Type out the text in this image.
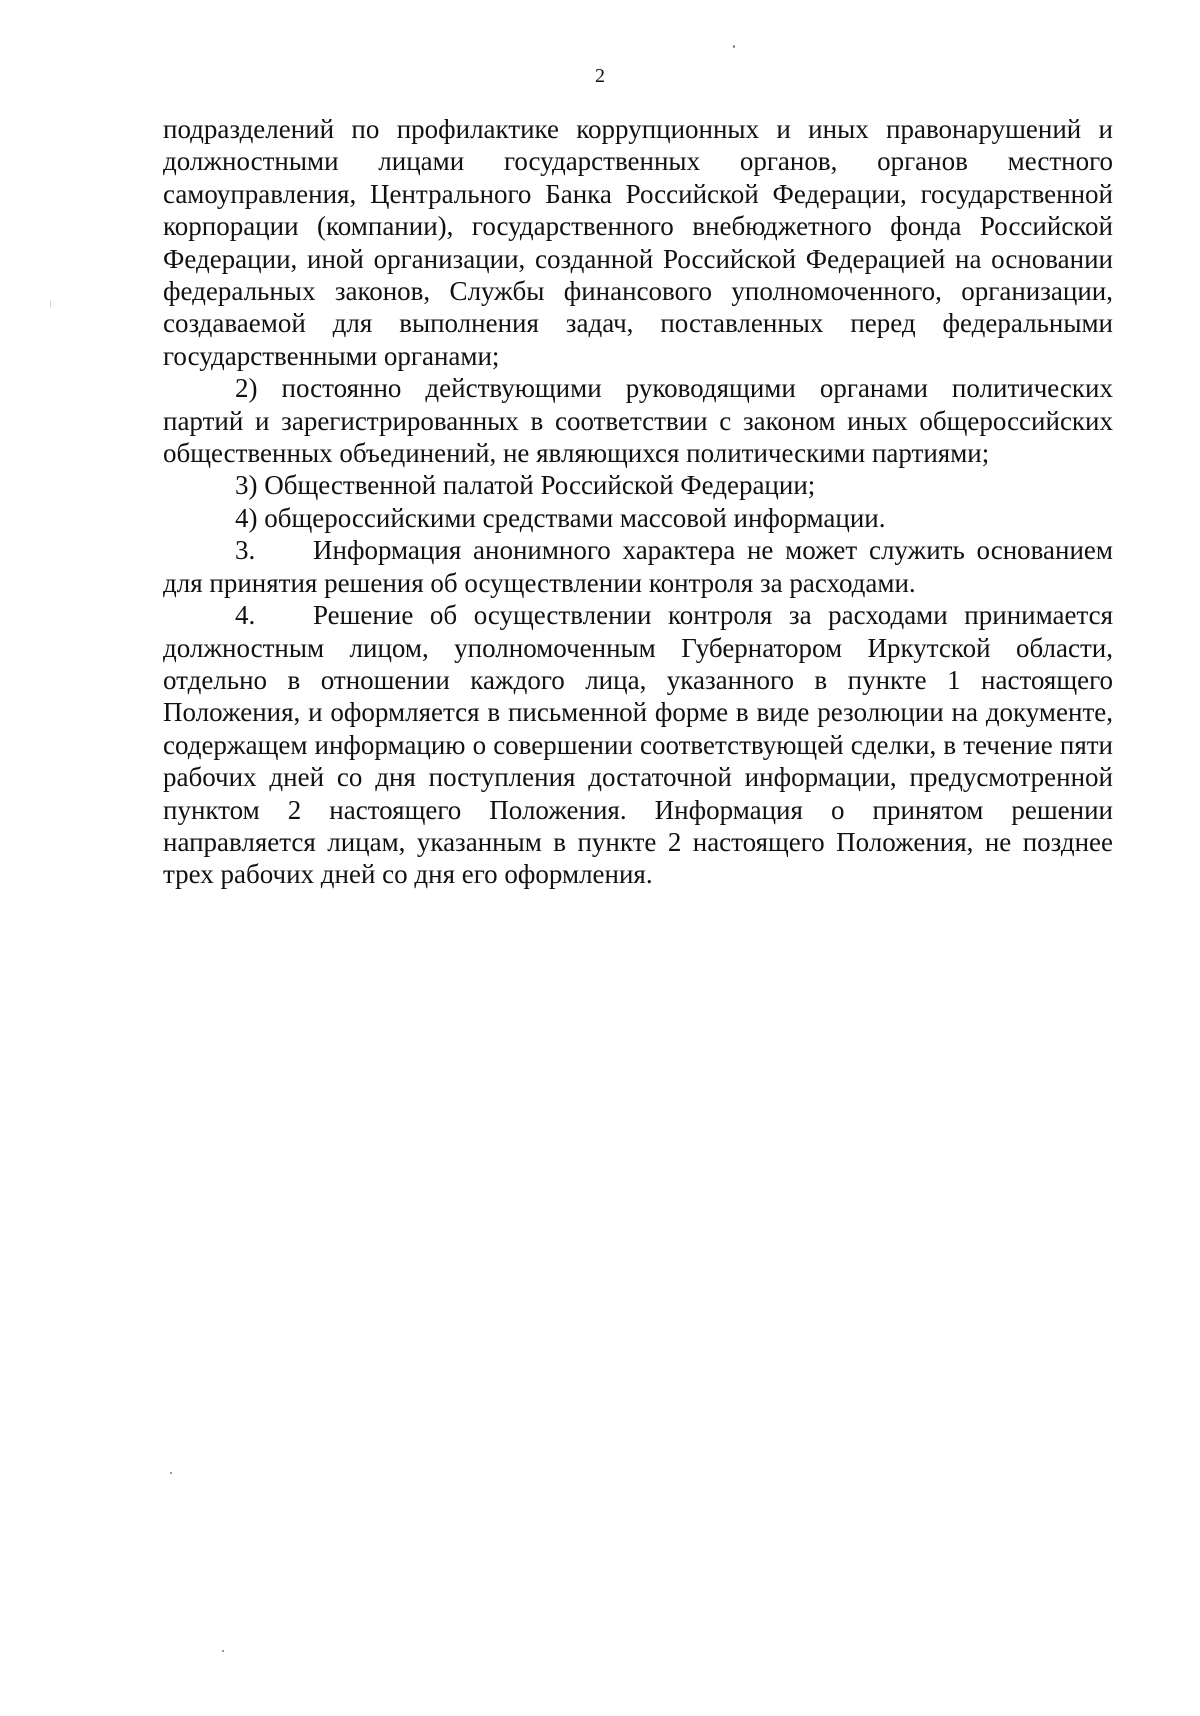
2

подразделений по профилактике коррупционных и иных правонарушений и должностными лицами государственных органов, органов местного самоуправления, Центрального Банка Российской Федерации, государственной корпорации (компании), государственного внебюджетного фонда Российской Федерации, иной организации, созданной Российской Федерацией на основании федеральных законов, Службы финансового уполномоченного, организации, создаваемой для выполнения задач, поставленных перед федеральными государственными органами;

2) постоянно действующими руководящими органами политических партий и зарегистрированных в соответствии с законом иных общероссийских общественных объединений, не являющихся политическими партиями;

3) Общественной палатой Российской Федерации;

4) общероссийскими средствами массовой информации.

3. Информация анонимного характера не может служить основанием для принятия решения об осуществлении контроля за расходами.

4. Решение об осуществлении контроля за расходами принимается должностным лицом, уполномоченным Губернатором Иркутской области, отдельно в отношении каждого лица, указанного в пункте 1 настоящего Положения, и оформляется в письменной форме в виде резолюции на документе, содержащем информацию о совершении соответствующей сделки, в течение пяти рабочих дней со дня поступления достаточной информации, предусмотренной пунктом 2 настоящего Положения. Информация о принятом решении направляется лицам, указанным в пункте 2 настоящего Положения, не позднее трех рабочих дней со дня его оформления.
